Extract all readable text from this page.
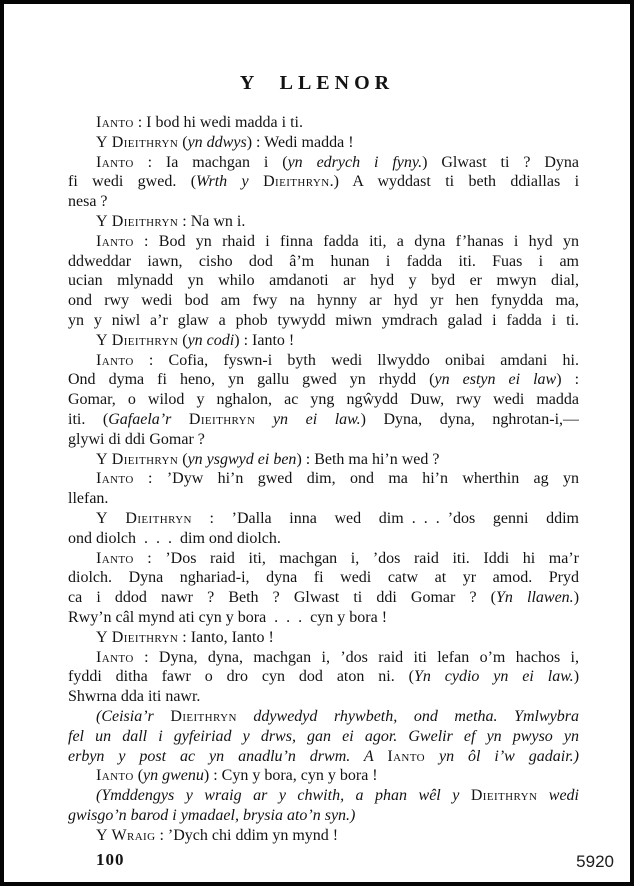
Y LLENOR
Ianto : I bod hi wedi madda i ti.
Y Dieithryn (yn ddwys) : Wedi madda !
Ianto : Ia machgan i (yn edrych i fyny.) Glwast ti ? Dyna
fi wedi gwed. (Wrth y Dieithryn.) A wyddast ti beth ddiallas i
nesa ?
Y Dieithryn : Na wn i.
Ianto : Bod yn rhaid i finna fadda iti, a dyna f’hanas i hyd yn
ddweddar iawn, cisho dod â’m hunan i fadda iti. Fuas i am
ucian mlynadd yn whilo amdanoti ar hyd y byd er mwyn dial,
ond rwy wedi bod am fwy na hynny ar hyd yr hen fynydda ma,
yn y niwl a’r glaw a phob tywydd miwn ymdrach galad i fadda i ti.
Y Dieithryn (yn codi) : Ianto !
Ianto : Cofia, fyswn-i byth wedi llwyddo onibai amdani hi.
Ond dyma fi heno, yn gallu gwed yn rhydd (yn estyn ei law) :
Gomar, o wilod y nghalon, ac yng ngŵydd Duw, rwy wedi madda
iti. (Gafaela’r Dieithryn yn ei law.) Dyna, dyna, nghrotan-i,—
glywi di ddi Gomar ?
Y Dieithryn (yn ysgwyd ei ben) : Beth ma hi’n wed ?
Ianto : ’Dyw hi’n gwed dim, ond ma hi’n wherthin ag yn
llefan.
Y Dieithryn : ’Dalla inna wed dim . . . ’dos genni ddim
ond diolch . . . dim ond diolch.
Ianto : ’Dos raid iti, machgan i, ’dos raid iti. Iddi hi ma’r
diolch. Dyna nghariad-i, dyna fi wedi catw at yr amod. Pryd
ca i ddod nawr ? Beth ? Glwast ti ddi Gomar ? (Yn llawen.)
Rwy’n câl mynd ati cyn y bora . . . cyn y bora !
Y Dieithryn : Ianto, Ianto !
Ianto : Dyna, dyna, machgan i, ’dos raid iti lefan o’m hachos i,
fyddi ditha fawr o dro cyn dod aton ni. (Yn cydio yn ei law.)
Shwrna dda iti nawr.
(Ceisia’r Dieithryn ddywedyd rhywbeth, ond metha. Ymlwybra
fel un dall i gyfeiriad y drws, gan ei agor. Gwelir ef yn pwyso yn
erbyn y post ac yn anadlu’n drwm. A Ianto yn ôl i’w gadair.)
Ianto (yn gwenu) : Cyn y bora, cyn y bora !
(Ymddengys y wraig ar y chwith, a phan wêl y Dieithryn wedi
gwisgo’n barod i ymadael, brysia ato’n syn.)
Y Wraig : ’Dych chi ddim yn mynd !
100	5920
